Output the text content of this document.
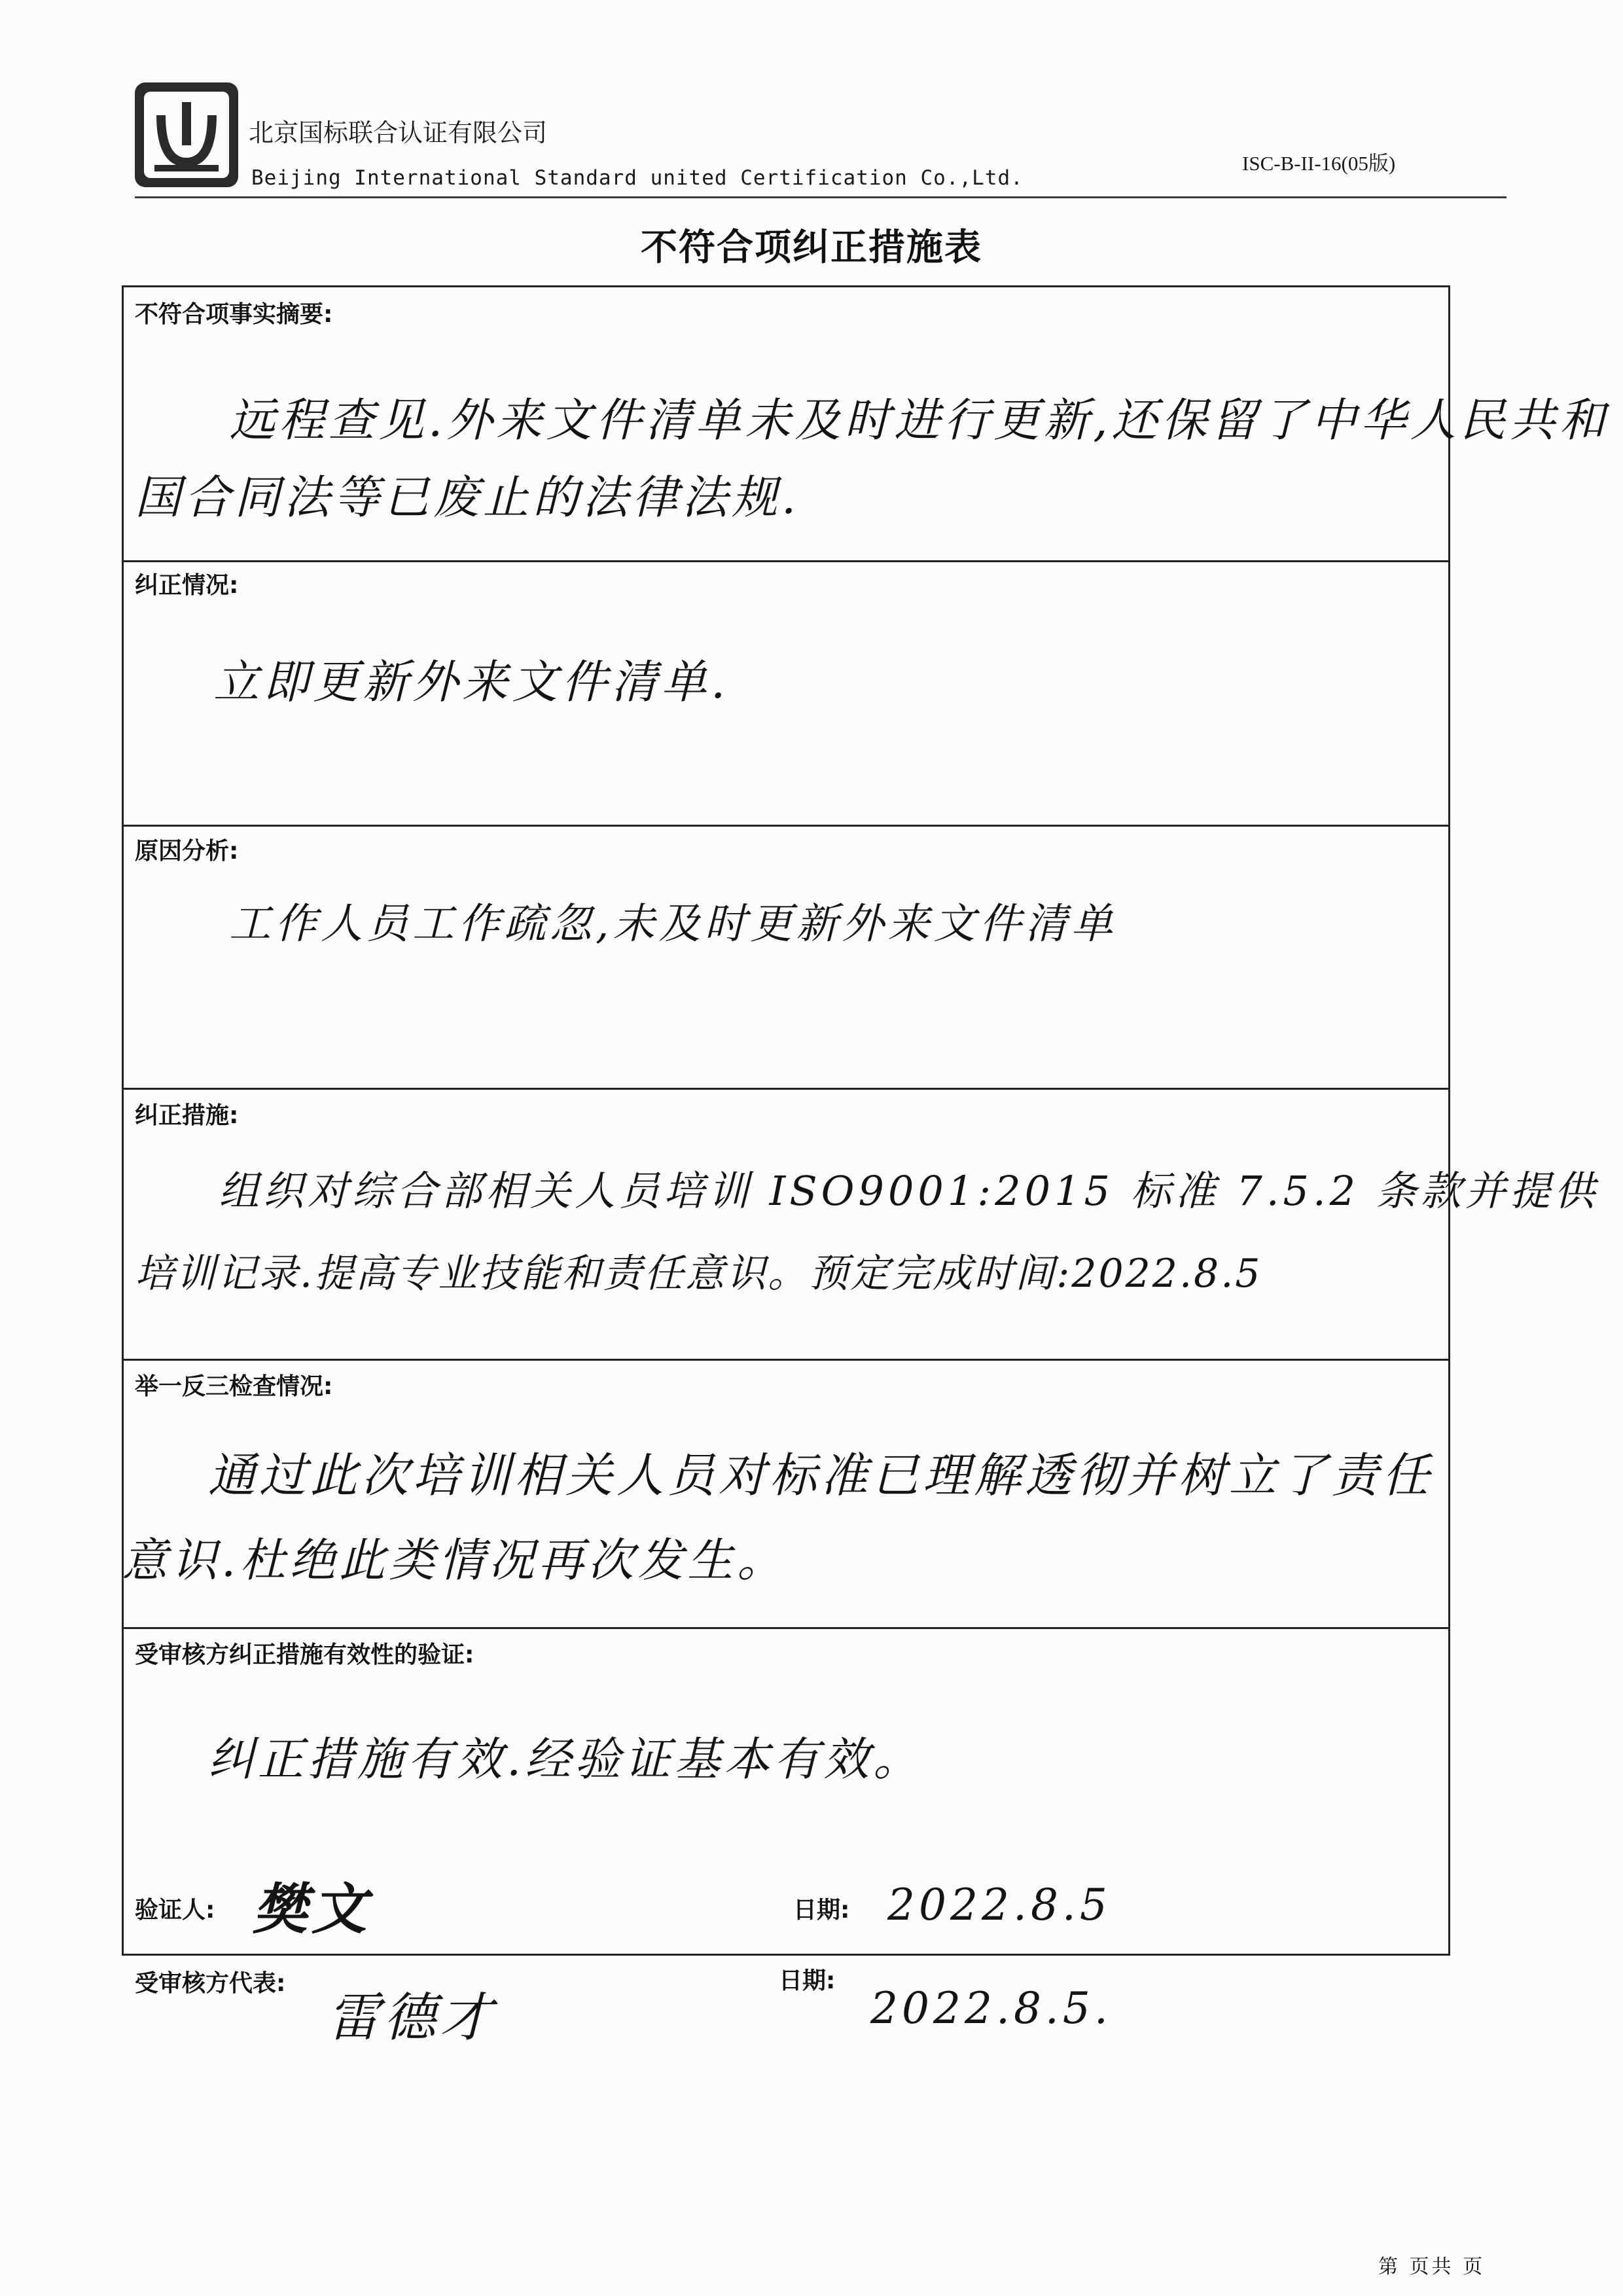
北京国标联合认证有限公司
Beijing International Standard united Certification Co.,Ltd.
ISC-B-II-16(05版)
不符合项纠正措施表
不符合项事实摘要:
远程查见.外来文件清单未及时进行更新,还保留了中华人民共和
国合同法等已废止的法律法规.
纠正情况:
立即更新外来文件清单.
原因分析:
工作人员工作疏忽,未及时更新外来文件清单
纠正措施:
组织对综合部相关人员培训 ISO9001:2015 标准 7.5.2 条款并提供
培训记录.提高专业技能和责任意识。预定完成时间:2022.8.5
举一反三检查情况:
通过此次培训相关人员对标准已理解透彻并树立了责任
意识.杜绝此类情况再次发生。
受审核方纠正措施有效性的验证:
纠正措施有效.经验证基本有效。
验证人: 樊文	日期: 2022.8.5
受审核方代表:
雷德才
日期:
2022.8.5.
第 页共 页
